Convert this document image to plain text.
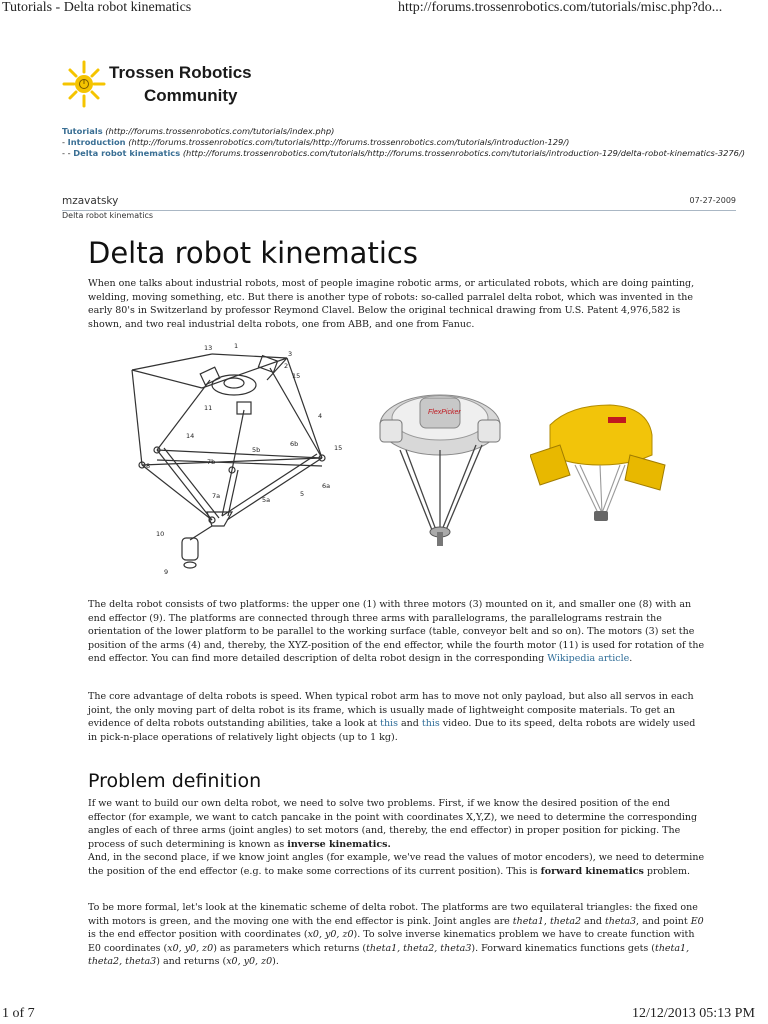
Tutorials - Delta robot kinematics	http://forums.trossenrobotics.com/tutorials/misc.php?do...
Trossen Robotics
Community
Tutorials (http://forums.trossenrobotics.com/tutorials/index.php)
- Introduction (http://forums.trossenrobotics.com/tutorials/http://forums.trossenrobotics.com/tutorials/introduction-129/)
- - Delta robot kinematics (http://forums.trossenrobotics.com/tutorials/http://forums.trossenrobotics.com/tutorials/introduction-129/delta-robot-kinematics-3276/)
mzavatsky	07-27-2009
Delta robot kinematics
Delta robot kinematics
When one talks about industrial robots, most of people imagine robotic arms, or articulated robots, which are doing painting, welding, moving something, etc. But there is another type of robots: so-called parralel delta robot, which was invented in the early 80's in Switzerland by professor Reymond Clavel. Below the original technical drawing from U.S. Patent 4,976,582 is shown, and two real industrial delta robots, one from ABB, and one from Fanuc.
13	1
3
2
15
11
4
14
5b
6b	15
7b
8
7a	5
6a
5a
10
9
FlexPicker
The delta robot consists of two platforms: the upper one (1) with three motors (3) mounted on it, and smaller one (8) with an end effector (9). The platforms are connected through three arms with parallelograms, the parallelograms restrain the orientation of the lower platform to be parallel to the working surface (table, conveyor belt and so on). The motors (3) set the position of the arms (4) and, thereby, the XYZ-position of the end effector, while the fourth motor (11) is used for rotation of the end effector. You can find more detailed description of delta robot design in the corresponding Wikipedia article.
The core advantage of delta robots is speed. When typical robot arm has to move not only payload, but also all servos in each joint, the only moving part of delta robot is its frame, which is usually made of lightweight composite materials. To get an evidence of delta robots outstanding abilities, take a look at this and this video. Due to its speed, delta robots are widely used in pick-n-place operations of relatively light objects (up to 1 kg).
Problem definition
If we want to build our own delta robot, we need to solve two problems. First, if we know the desired position of the end effector (for example, we want to catch pancake in the point with coordinates X,Y,Z), we need to determine the corresponding angles of each of three arms (joint angles) to set motors (and, thereby, the end effector) in proper position for picking. The process of such determining is known as inverse kinematics.
And, in the second place, if we know joint angles (for example, we've read the values of motor encoders), we need to determine the position of the end effector (e.g. to make some corrections of its current position). This is forward kinematics problem.
To be more formal, let's look at the kinematic scheme of delta robot. The platforms are two equilateral triangles: the fixed one with motors is green, and the moving one with the end effector is pink. Joint angles are theta1, theta2 and theta3, and point E0 is the end effector position with coordinates (x0, y0, z0). To solve inverse kinematics problem we have to create function with E0 coordinates (x0, y0, z0) as parameters which returns (theta1, theta2, theta3). Forward kinematics functions gets (theta1, theta2, theta3) and returns (x0, y0, z0).
1 of 7	12/12/2013 05:13 PM
